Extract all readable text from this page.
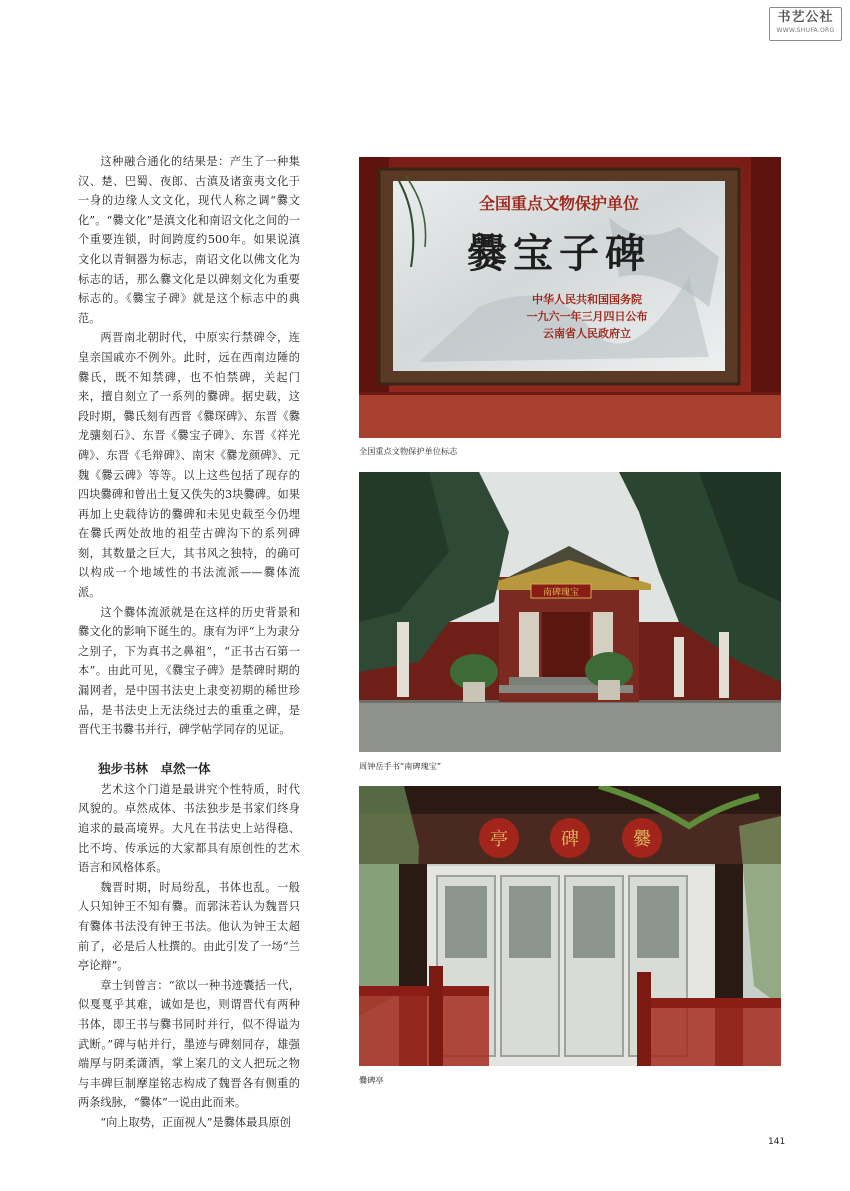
书艺公社
WWW.SHUFA.ORG

这种融合通化的结果是：产生了一种集汉、楚、巴蜀、夜郎、古滇及诸蛮夷文化于一身的边缘人文文化，现代人称之调“爨文化”。“爨文化”是滇文化和南诏文化之间的一个重要连锁，时间跨度约500年。如果说滇文化以青铜器为标志，南诏文化以佛文化为标志的话，那么爨文化是以碑刻文化为重要标志的。《爨宝子碑》就是这个标志中的典范。

两晋南北朝时代，中原实行禁碑令，连皇亲国戚亦不例外。此时，远在西南边陲的爨氏，既不知禁碑，也不怕禁碑，关起门来，擅自刻立了一系列的爨碑。据史载，这段时期，爨氏刻有西晋《爨琛碑》、东晋《爨龙骧刻石》、东晋《爨宝子碑》、东晋《祥光碑》、东晋《毛辩碑》、南宋《爨龙颜碑》、元魏《爨云碑》等等。以上这些包括了现存的四块爨碑和曾出土复又佚失的3块爨碑。如果再加上史载待访的爨碑和未见史载至今仍埋在爨氏两处故地的祖茔古碑沟下的系列碑刻，其数量之巨大，其书风之独特，的确可以构成一个地域性的书法流派——爨体流派。

这个爨体流派就是在这样的历史背景和爨文化的影响下诞生的。康有为评“上为隶分之别子，下为真书之鼻祖”，“正书古石第一本”。由此可见，《爨宝子碑》是禁碑时期的漏网者，是中国书法史上隶变初期的稀世珍品，是书法史上无法绕过去的重重之碑，是晋代王书爨书并行，碑学帖学同存的见证。

独步书林　卓然一体

艺术这个门道是最讲究个性特质，时代风貌的。卓然成体、书法独步是书家们终身追求的最高境界。大凡在书法史上站得稳、比不垮、传承远的大家都具有原创性的艺术语言和风格体系。

魏晋时期，时局纷乱，书体也乱。一般人只知钟王不知有爨。而郭沫若认为魏晋只有爨体书法没有钟王书法。他认为钟王太超前了，必是后人杜撰的。由此引发了一场“兰亭论辩”。

章士钊曾言：“欲以一种书迹囊括一代，似戛戛乎其难，诚如是也，则谓晋代有两种书体，即王书与爨书同时并行，似不得谥为武断。”碑与帖并行，墨迹与碑刻同存，雄强端厚与阴柔潇洒，掌上案几的文人把玩之物与丰碑巨制摩崖铭志构成了魏晋各有侧重的两条线脉，“爨体”一说由此而来。

“向上取势，正面视人”是爨体最具原创

全国重点文物保护单位
爨宝子碑
中华人民共和国国务院
一九六一年三月四日公布
云南省人民政府立
全国重点文物保护单位标志
南碑瑰宝
周钟岳手书“南碑瑰宝”
亭	碑	爨
爨碑亭
141
